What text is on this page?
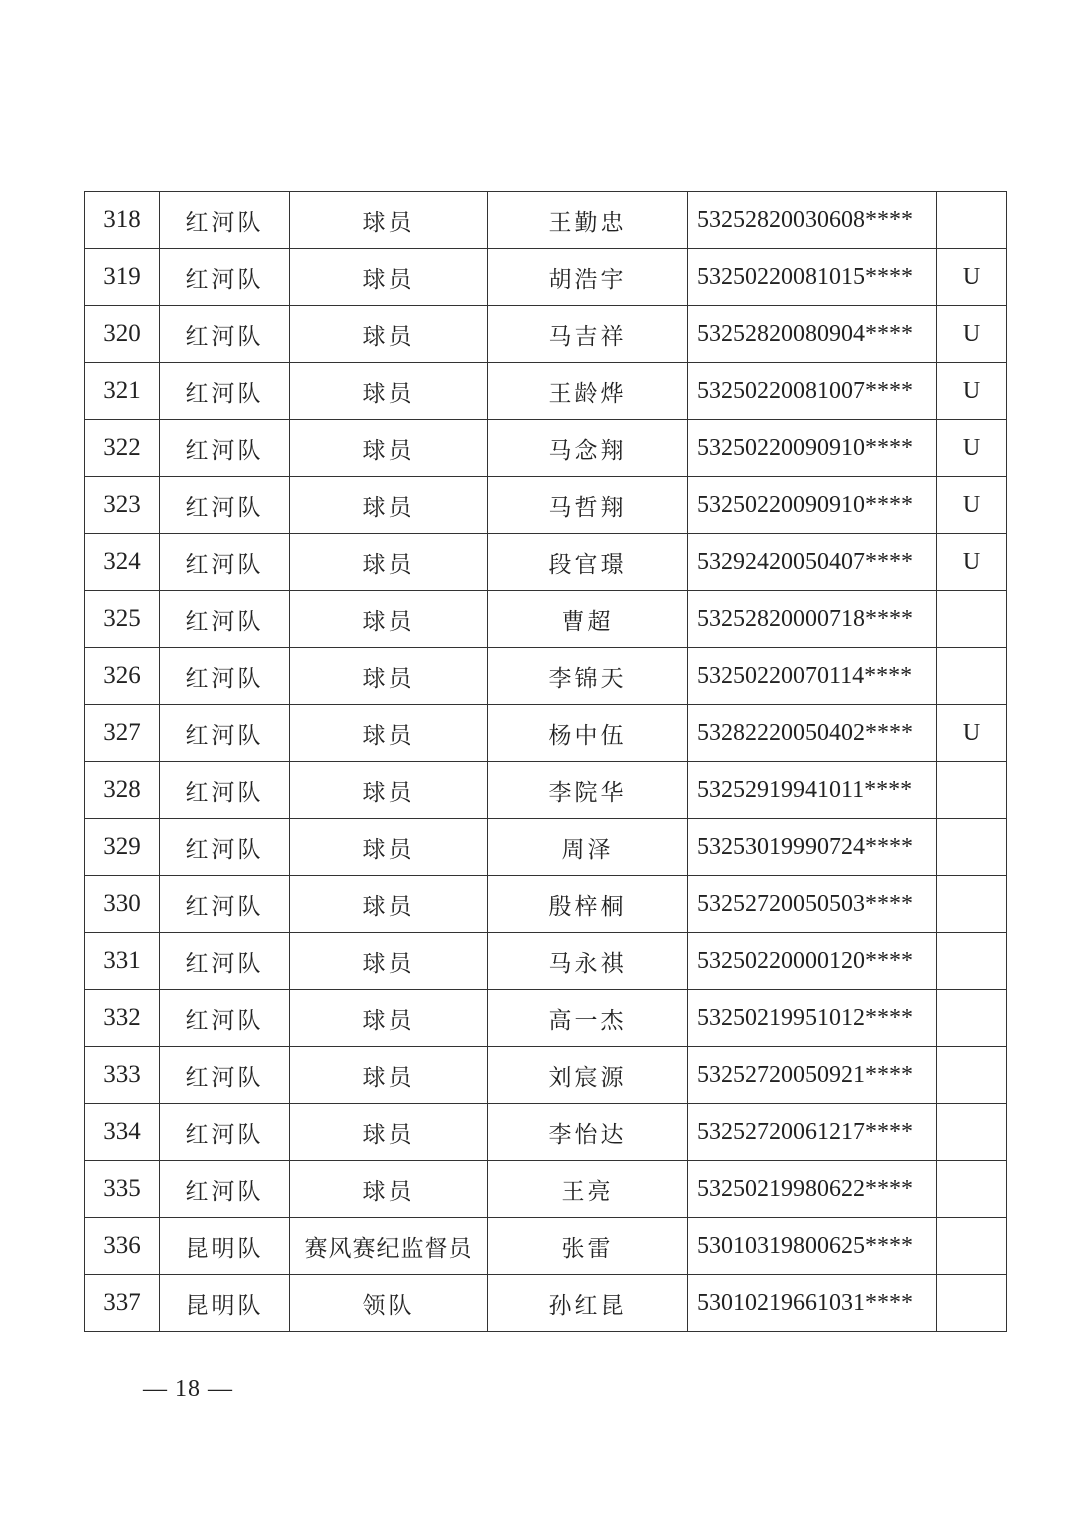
318	红河队	球员	王勤忠	53252820030608****	
319	红河队	球员	胡浩宇	53250220081015****	U
320	红河队	球员	马吉祥	53252820080904****	U
321	红河队	球员	王龄烨	53250220081007****	U
322	红河队	球员	马念翔	53250220090910****	U
323	红河队	球员	马哲翔	53250220090910****	U
324	红河队	球员	段官璟	53292420050407****	U
325	红河队	球员	曹超	53252820000718****	
326	红河队	球员	李锦天	53250220070114****	
327	红河队	球员	杨中伍	53282220050402****	U
328	红河队	球员	李院华	53252919941011****	
329	红河队	球员	周泽	53253019990724****	
330	红河队	球员	殷梓桐	53252720050503****	
331	红河队	球员	马永祺	53250220000120****	
332	红河队	球员	高一杰	53250219951012****	
333	红河队	球员	刘宸源	53252720050921****	
334	红河队	球员	李怡达	53252720061217****	
335	红河队	球员	王亮	53250219980622****	
336	昆明队	赛风赛纪监督员	张雷	53010319800625****	
337	昆明队	领队	孙红昆	53010219661031****	
— 18 —
